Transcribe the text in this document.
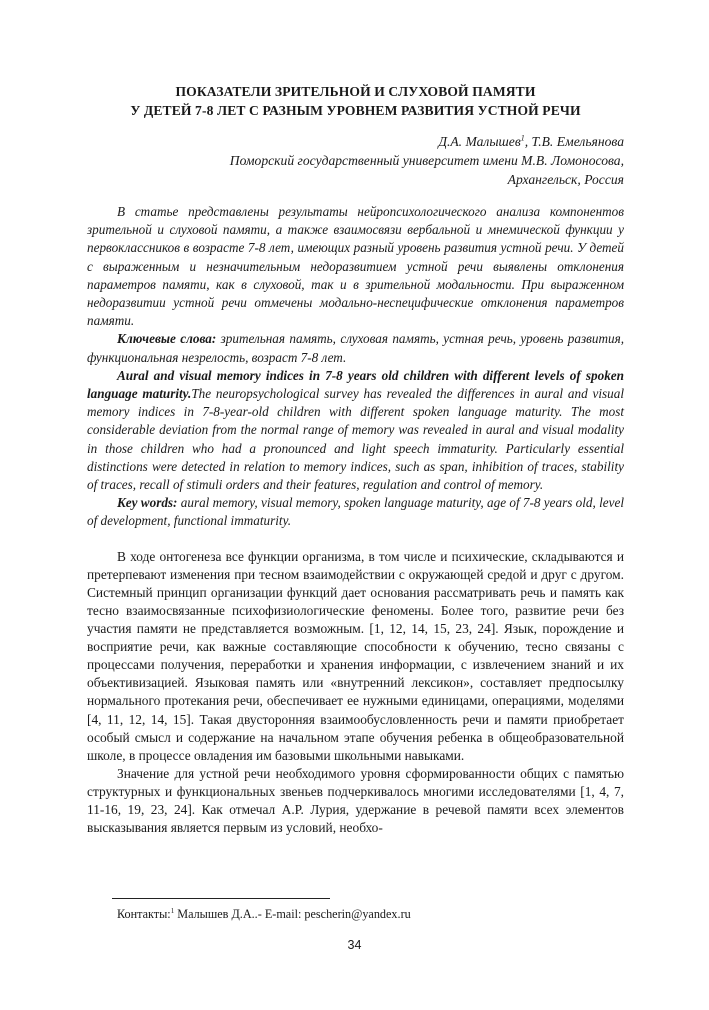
ПОКАЗАТЕЛИ ЗРИТЕЛЬНОЙ И СЛУХОВОЙ ПАМЯТИ
У ДЕТЕЙ 7-8 ЛЕТ С РАЗНЫМ УРОВНЕМ РАЗВИТИЯ УСТНОЙ РЕЧИ
Д.А. Малышев$^1$, Т.В. Емельянова
Поморский государственный университет имени М.В. Ломоносова,
Архангельск, Россия

В статье представлены результаты нейропсихологического анализа компонентов зрительной и слуховой памяти, а также взаимосвязи вербальной и мнемической функции у первоклассников в возрасте 7-8 лет, имеющих разный уровень развития устной речи. У детей с выраженным и незначительным недоразвитием устной речи выявлены отклонения параметров памяти, как в слуховой, так и в зрительной модальности. При выраженном недоразвитии устной речи отмечены модально-неспецифические отклонения параметров памяти.

Ключевые слова: зрительная память, слуховая память, устная речь, уровень развития, функциональная незрелость, возраст 7-8 лет.

Aural and visual memory indices in 7-8 years old children with different levels of spoken language maturity.The neuropsychological survey has revealed the differences in aural and visual memory indices in 7-8-year-old children with different spoken language maturity. The most considerable deviation from the normal range of memory was revealed in aural and visual modality in those children who had a pronounced and light speech immaturity. Particularly essential distinctions were detected in relation to memory indices, such as span, inhibition of traces, stability of traces, recall of stimuli orders and their features, regulation and control of memory.

Key words: aural memory, visual memory, spoken language maturity, age of 7-8 years old, level of development, functional immaturity.

В ходе онтогенеза все функции организма, в том числе и психические, складываются и претерпевают изменения при тесном взаимодействии с окружающей средой и друг с другом. Системный принцип организации функций дает основания рассматривать речь и память как тесно взаимосвязанные психофизиологические феномены. Более того, развитие речи без участия памяти не представляется возможным. [1, 12, 14, 15, 23, 24]. Язык, порождение и восприятие речи, как важные составляющие способности к обучению, тесно связаны с процессами получения, переработки и хранения информации, с извлечением знаний и их объективизацией. Языковая память или «внутренний лексикон», составляет предпосылку нормального протекания речи, обеспечивает ее нужными единицами, операциями, моделями [4, 11, 12, 14, 15]. Такая двусторонняя взаимообусловленность речи и памяти приобретает особый смысл и содержание на начальном этапе обучения ребенка в общеобразовательной школе, в процессе овладения им базовыми школьными навыками.

Значение для устной речи необходимого уровня сформированности общих с памятью структурных и функциональных звеньев подчеркивалось многими исследователями [1, 4, 7, 11-16, 19, 23, 24]. Как отмечал А.Р. Лурия, удержание в речевой памяти всех элементов высказывания является первым из условий, необхо-

Контакты:$^1$ Малышев Д.А..- E-mail: pescherin@yandex.ru
34
